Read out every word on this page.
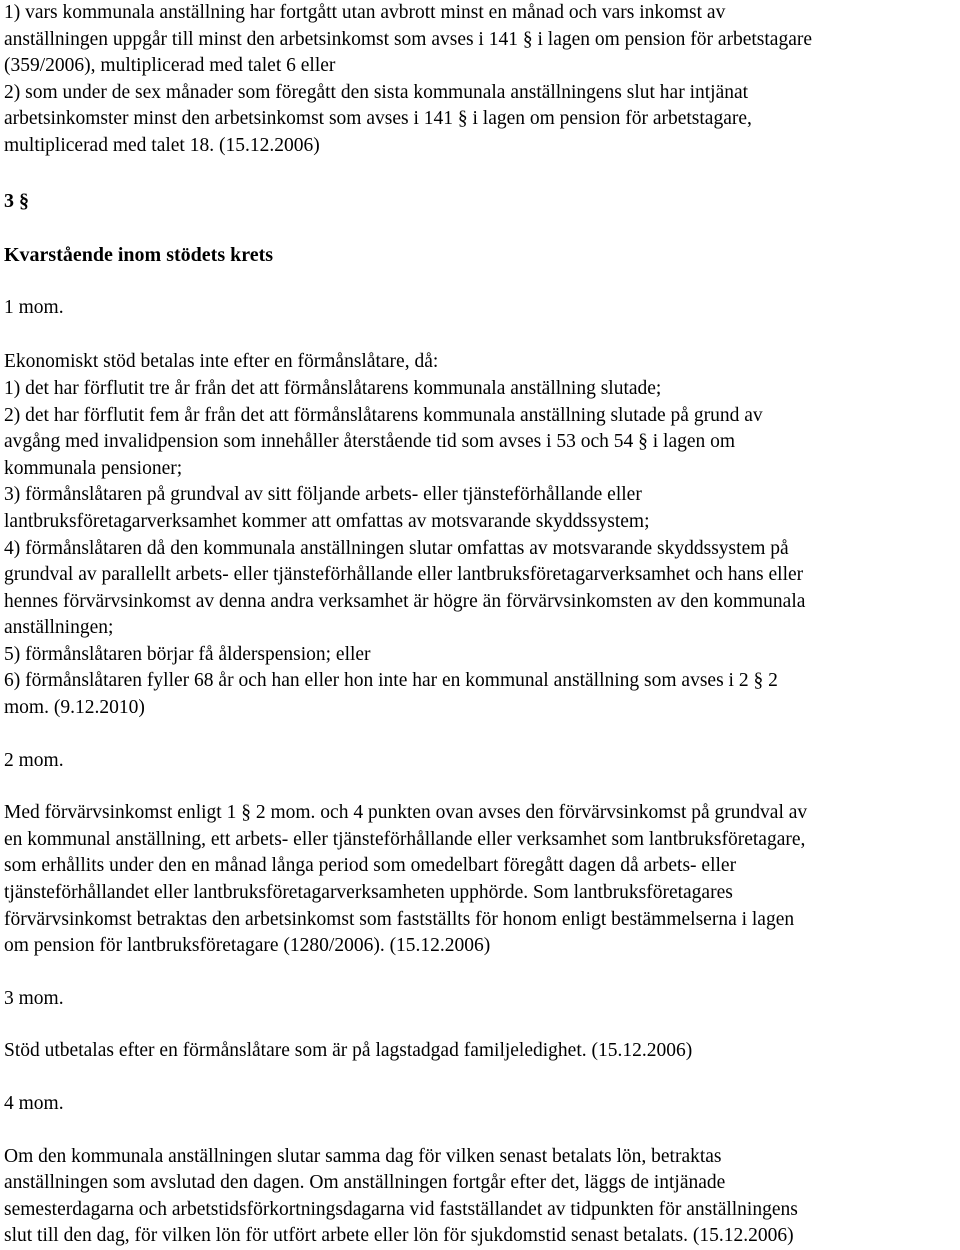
1) vars kommunala anställning har fortgått utan avbrott minst en månad och vars inkomst av
anställningen uppgår till minst den arbetsinkomst som avses i 141 § i lagen om pension för arbetstagare
(359/2006), multiplicerad med talet 6 eller
2) som under de sex månader som föregått den sista kommunala anställningens slut har intjänat
arbetsinkomster minst den arbetsinkomst som avses i 141 § i lagen om pension för arbetstagare,
multiplicerad med talet 18. (15.12.2006)
3 §
Kvarstående inom stödets krets
1 mom.
Ekonomiskt stöd betalas inte efter en förmånslåtare, då:
1) det har förflutit tre år från det att förmånslåtarens kommunala anställning slutade;
2) det har förflutit fem år från det att förmånslåtarens kommunala anställning slutade på grund av
avgång med invalidpension som innehåller återstående tid som avses i 53 och 54 § i lagen om
kommunala pensioner;
3) förmånslåtaren på grundval av sitt följande arbets- eller tjänsteförhållande eller
lantbruksföretagarverksamhet kommer att omfattas av motsvarande skyddssystem;
4) förmånslåtaren då den kommunala anställningen slutar omfattas av motsvarande skyddssystem på
grundval av parallellt arbets- eller tjänsteförhållande eller lantbruksföretagarverksamhet och hans eller
hennes förvärvsinkomst av denna andra verksamhet är högre än förvärvsinkomsten av den kommunala
anställningen;
5) förmånslåtaren börjar få ålderspension; eller
6) förmånslåtaren fyller 68 år och han eller hon inte har en kommunal anställning som avses i 2 § 2
mom. (9.12.2010)
2 mom.
Med förvärvsinkomst enligt 1 § 2 mom. och 4 punkten ovan avses den förvärvsinkomst på grundval av
en kommunal anställning, ett arbets- eller tjänsteförhållande eller verksamhet som lantbruksföretagare,
som erhållits under den en månad långa period som omedelbart föregått dagen då arbets- eller
tjänsteförhållandet eller lantbruksföretagarverksamheten upphörde. Som lantbruksföretagares
förvärvsinkomst betraktas den arbetsinkomst som fastställts för honom enligt bestämmelserna i lagen
om pension för lantbruksföretagare (1280/2006). (15.12.2006)
3 mom.
Stöd utbetalas efter en förmånslåtare som är på lagstadgad familjeledighet. (15.12.2006)
4 mom.
Om den kommunala anställningen slutar samma dag för vilken senast betalats lön, betraktas
anställningen som avslutad den dagen. Om anställningen fortgår efter det, läggs de intjänade
semesterdagarna och arbetstidsförkortningsdagarna vid fastställandet av tidpunkten för anställningens
slut till den dag, för vilken lön för utfört arbete eller lön för sjukdomstid senast betalats. (15.12.2006)
